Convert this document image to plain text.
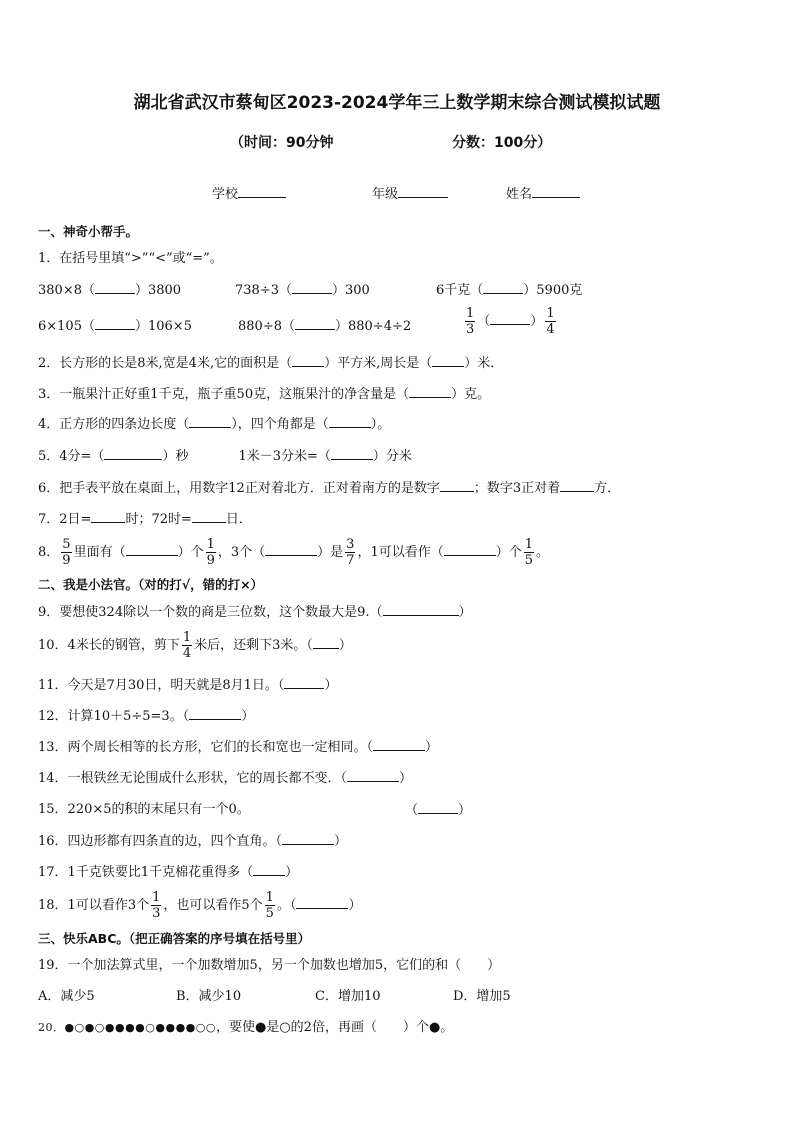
湖北省武汉市蔡甸区2023-2024学年三上数学期末综合测试模拟试题
（时间：90分钟	分数：100分）
学校	年级	姓名
一、神奇小帮手。
1．在括号里填“>”“<”或“=”。
380×8（	）3800	738÷3（	）300	6千克（	）5900克
6×105（	）106×5	880÷8（	）880÷4÷2	$\frac{1}{3}$ （	） $\frac{1}{4}$
2．长方形的长是8米,宽是4米,它的面积是（ ）平方米,周长是（ ）米．
3．一瓶果汁正好重1千克，瓶子重50克，这瓶果汁的净含量是（	）克。
4．正方形的四条边长度（	），四个角都是（	）。
5．4分=（	）秒	1米－3分米=（	）分米
6．把手表平放在桌面上，用数字12正对着北方．正对着南方的是数字	；数字3正对着	方．
7．2日=	时；72时=	日．
8． $\frac{5}{9}$ 里面有（	）个 $\frac{1}{9}$ ，3个（	）是 $\frac{3}{7}$ ，1可以看作（	）个 $\frac{1}{5}$ 。
二、我是小法官。（对的打√，错的打×）
9．要想使324除以一个数的商是三位数，这个数最大是9.（	）
10．4米长的钢管，剪下 $\frac{1}{4}$ 米后，还剩下3米。（ ）
11．今天是7月30日，明天就是8月1日。（	）
12．计算10＋5÷5=3。（	）
13．两个周长相等的长方形，它们的长和宽也一定相同。（	）
14．一根铁丝无论围成什么形状，它的周长都不变．（	）
15．220×5的积的末尾只有一个0。	（	）
16．四边形都有四条直的边，四个直角。（	）
17．1千克铁要比1千克棉花重得多（ ）
18．1可以看作3个 $\frac{1}{3}$ ，也可以看作5个 $\frac{1}{5}$ 。（	）
三、快乐ABC。（把正确答案的序号填在括号里）
19．一个加法算式里，一个加数增加5，另一个加数也增加5，它们的和（　　）
A．减少5	B．减少10	C．增加10	D．增加5
20．●○●○●●●●○●●●●○○，要使●是○的2倍，再画（　　）个●。
